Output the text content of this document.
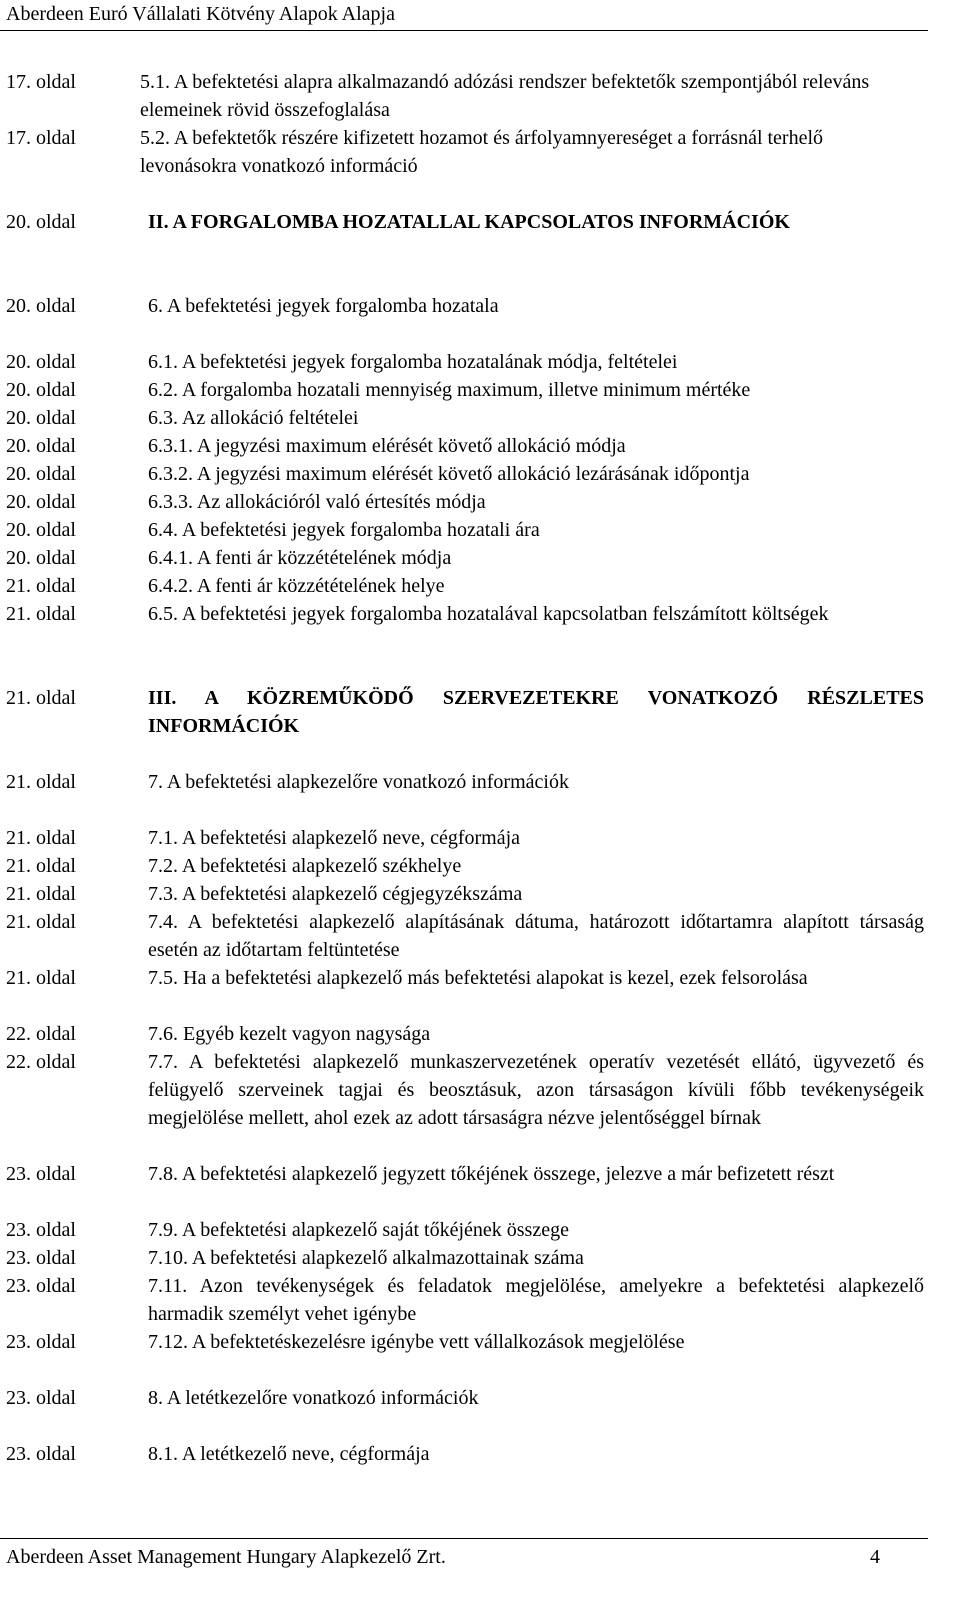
Aberdeen Euró Vállalati Kötvény Alapok Alapja
17. oldal	5.1. A befektetési alapra alkalmazandó adózási rendszer befektetők szempontjából releváns elemeinek rövid összefoglalása
17. oldal	5.2. A befektetők részére kifizetett hozamot és árfolyamnyereséget a forrásnál terhelő levonásokra vonatkozó információ
20. oldal	II. A FORGALOMBA HOZATALLAL KAPCSOLATOS INFORMÁCIÓK
20. oldal	6. A befektetési jegyek forgalomba hozatala
20. oldal	6.1. A befektetési jegyek forgalomba hozatalának módja, feltételei
20. oldal	6.2. A forgalomba hozatali mennyiség maximum, illetve minimum mértéke
20. oldal	6.3. Az allokáció feltételei
20. oldal	6.3.1. A jegyzési maximum elérését követő allokáció módja
20. oldal	6.3.2. A jegyzési maximum elérését követő allokáció lezárásának időpontja
20. oldal	6.3.3. Az allokációról való értesítés módja
20. oldal	6.4. A befektetési jegyek forgalomba hozatali ára
20. oldal	6.4.1. A fenti ár közzétételének módja
21. oldal	6.4.2. A fenti ár közzétételének helye
21. oldal	6.5. A befektetési jegyek forgalomba hozatalával kapcsolatban felszámított költségek
21. oldal	III. A KÖZREMŰKÖDŐ SZERVEZETEKRE VONATKOZÓ RÉSZLETES INFORMÁCIÓK
21. oldal	7. A befektetési alapkezelőre vonatkozó információk
21. oldal	7.1. A befektetési alapkezelő neve, cégformája
21. oldal	7.2. A befektetési alapkezelő székhelye
21. oldal	7.3. A befektetési alapkezelő cégjegyzékszáma
21. oldal	7.4. A befektetési alapkezelő alapításának dátuma, határozott időtartamra alapított társaság esetén az időtartam feltüntetése
21. oldal	7.5. Ha a befektetési alapkezelő más befektetési alapokat is kezel, ezek felsorolása
22. oldal	7.6. Egyéb kezelt vagyon nagysága
22. oldal	7.7. A befektetési alapkezelő munkaszervezetének operatív vezetését ellátó, ügyvezető és felügyelő szerveinek tagjai és beosztásuk, azon társaságon kívüli főbb tevékenységeik megjelölése mellett, ahol ezek az adott társaságra nézve jelentőséggel bírnak
23. oldal	7.8. A befektetési alapkezelő jegyzett tőkéjének összege, jelezve a már befizetett részt
23. oldal	7.9. A befektetési alapkezelő saját tőkéjének összege
23. oldal	7.10. A befektetési alapkezelő alkalmazottainak száma
23. oldal	7.11. Azon tevékenységek és feladatok megjelölése, amelyekre a befektetési alapkezelő harmadik személyt vehet igénybe
23. oldal	7.12. A befektetéskezelésre igénybe vett vállalkozások megjelölése
23. oldal	8. A letétkezelőre vonatkozó információk
23. oldal	8.1. A letétkezelő neve, cégformája
Aberdeen Asset Management Hungary Alapkezelő Zrt.	4
